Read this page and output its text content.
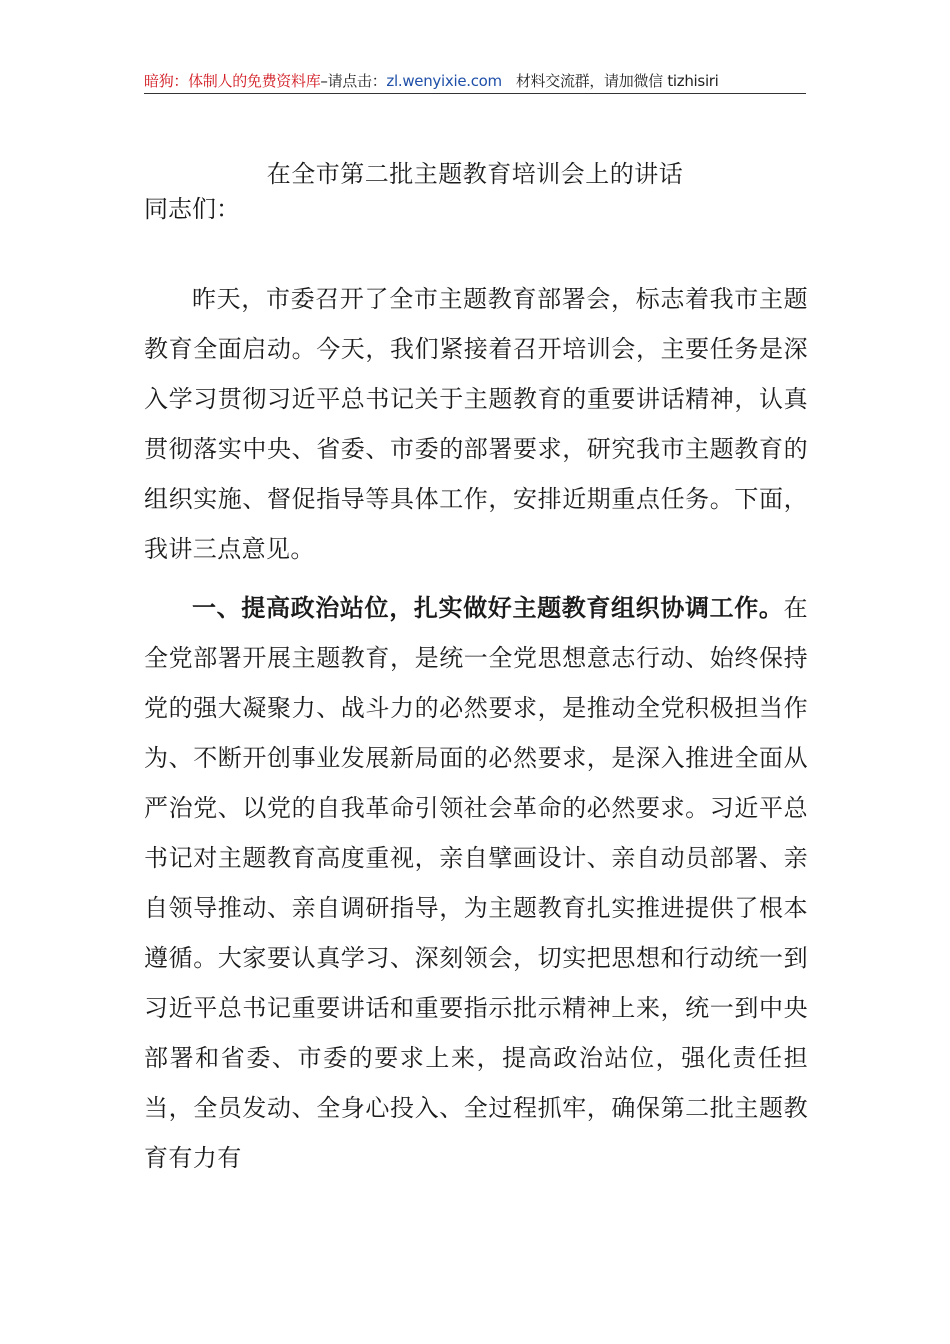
暗狗：体制人的免费资料库–请点击：zl.wenyixie.com 材料交流群，请加微信 tizhisiri
在全市第二批主题教育培训会上的讲话
同志们：

昨天，市委召开了全市主题教育部署会，标志着我市主题教育全面启动。今天，我们紧接着召开培训会，主要任务是深入学习贯彻习近平总书记关于主题教育的重要讲话精神，认真贯彻落实中央、省委、市委的部署要求，研究我市主题教育的组织实施、督促指导等具体工作，安排近期重点任务。下面，我讲三点意见。

一、提高政治站位，扎实做好主题教育组织协调工作。在全党部署开展主题教育，是统一全党思想意志行动、始终保持党的强大凝聚力、战斗力的必然要求，是推动全党积极担当作为、不断开创事业发展新局面的必然要求，是深入推进全面从严治党、以党的自我革命引领社会革命的必然要求。习近平总书记对主题教育高度重视，亲自擘画设计、亲自动员部署、亲自领导推动、亲自调研指导，为主题教育扎实推进提供了根本遵循。大家要认真学习、深刻领会，切实把思想和行动统一到习近平总书记重要讲话和重要指示批示精神上来，统一到中央部署和省委、市委的要求上来，提高政治站位，强化责任担当，全员发动、全身心投入、全过程抓牢，确保第二批主题教育有力有
